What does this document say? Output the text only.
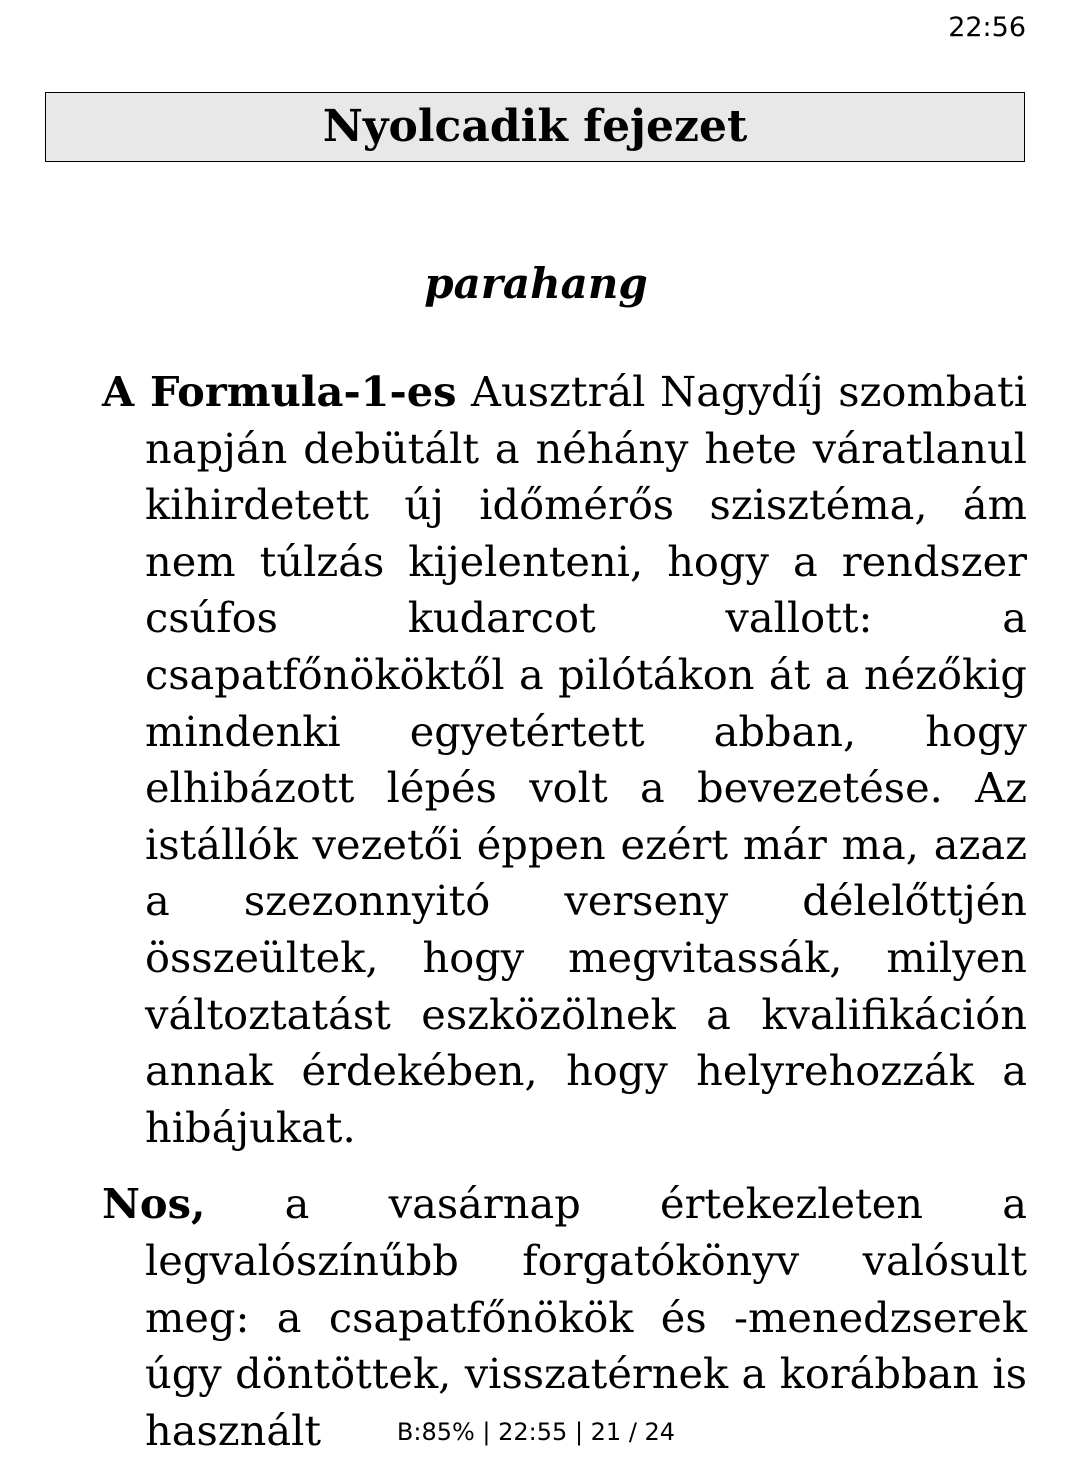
22:56
Nyolcadik fejezet
parahang

A Formula-1-es Ausztrál Nagydíj szombati napján debütált a néhány hete váratlanul kihirdetett új időmérős szisztéma, ám nem túlzás kijelenteni, hogy a rendszer csúfos kudarcot vallott: a csapatfőnököktől a pilótákon át a nézőkig mindenki egyetértett abban, hogy elhibázott lépés volt a bevezetése. Az istállók vezetői éppen ezért már ma, azaz a szezonnyitó verseny délelőttjén összeültek, hogy megvitassák, milyen változtatást eszközölnek a kvalifikáción annak érdekében, hogy helyrehozzák a hibájukat.

Nos, a vasárnap értekezleten a legvalószínűbb forgatókönyv valósult meg: a csapatfőnökök és -menedzserek úgy döntöttek, visszatérnek a korábban is használt	B:85% | 22:55 | 21 / 24
